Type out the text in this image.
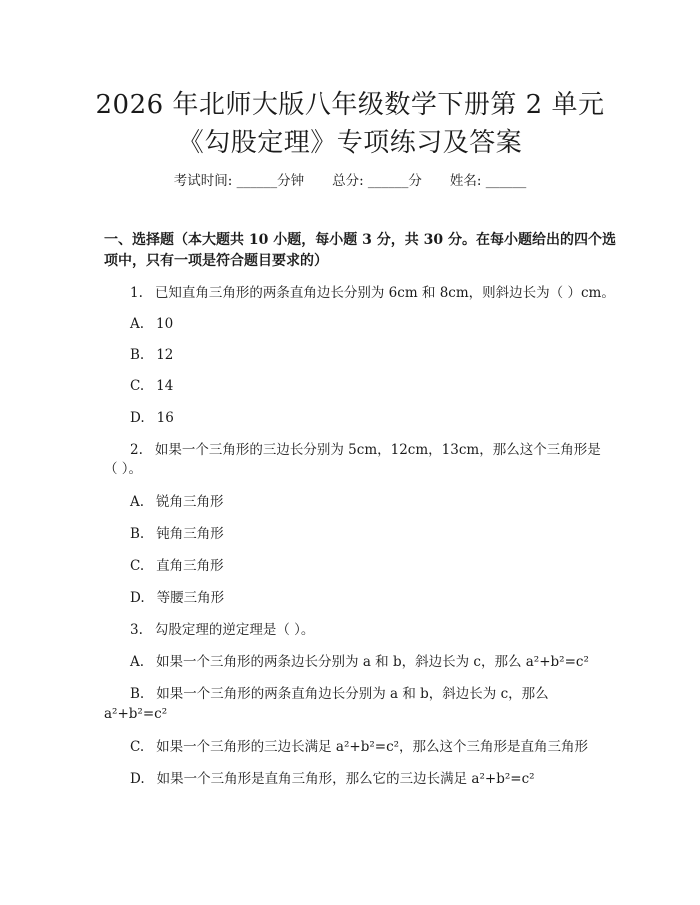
2026 年北师大版八年级数学下册第 2 单元
《勾股定理》专项练习及答案
考试时间: ______分钟 总分: ______分 姓名: ______
一、选择题（本大题共 10 小题，每小题 3 分，共 30 分。在每小题给出的四个选项中，只有一项是符合题目要求的）
1. 已知直角三角形的两条直角边长分别为 6cm 和 8cm，则斜边长为（ ）cm。
A. 10
B. 12
C. 14
D. 16
2. 如果一个三角形的三边长分别为 5cm，12cm，13cm，那么这个三角形是
（ ）。
A. 锐角三角形
B. 钝角三角形
C. 直角三角形
D. 等腰三角形
3. 勾股定理的逆定理是（ ）。
A. 如果一个三角形的两条边长分别为 a 和 b，斜边长为 c，那么 a²+b²=c²
B. 如果一个三角形的两条直角边长分别为 a 和 b，斜边长为 c，那么
a²+b²=c²
C. 如果一个三角形的三边长满足 a²+b²=c²，那么这个三角形是直角三角形
D. 如果一个三角形是直角三角形，那么它的三边长满足 a²+b²=c²
